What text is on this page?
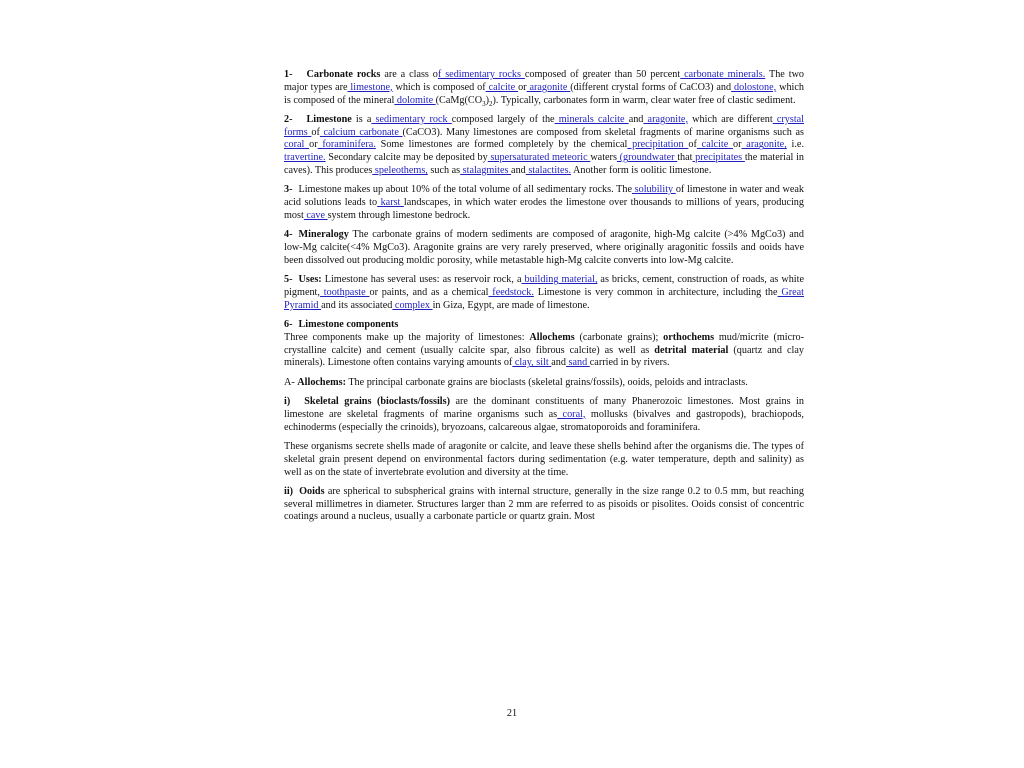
1- Carbonate rocks are a class of sedimentary rocks composed of greater than 50 percent carbonate minerals. The two major types are limestone, which is composed of calcite or aragonite (different crystal forms of CaCO3) and dolostone, which is composed of the mineral dolomite $(CaMg(CO_3)_2)$. Typically, carbonates form in warm, clear water free of clastic sediment.

2- Limestone is a sedimentary rock composed largely of the minerals calcite and aragonite, which are different crystal forms of calcium carbonate (CaCO3). Many limestones are composed from skeletal fragments of marine organisms such as coral or foraminifera. Some limestones are formed completely by the chemical precipitation of calcite or aragonite, i.e. travertine. Secondary calcite may be deposited by supersaturated meteoric waters (groundwater that precipitates the material in caves). This produces speleothems, such as stalagmites and stalactites. Another form is oolitic limestone.

3- Limestone makes up about 10% of the total volume of all sedimentary rocks. The solubility of limestone in water and weak acid solutions leads to karst landscapes, in which water erodes the limestone over thousands to millions of years, producing most cave system through limestone bedrock.

4- Mineralogy The carbonate grains of modern sediments are composed of aragonite, high-Mg calcite (>4% MgCo3) and low-Mg calcite(<4% MgCo3). Aragonite grains are very rarely preserved, where originally aragonitic fossils and ooids have been dissolved out producing moldic porosity, while metastable high-Mg calcite converts into low-Mg calcite.

5- Uses: Limestone has several uses: as reservoir rock, a building material, as bricks, cement, construction of roads, as white pigment, toothpaste or paints, and as a chemical feedstock. Limestone is very common in architecture, including the Great Pyramid and its associated complex in Giza, Egypt, are made of limestone.

6- Limestone components
Three components make up the majority of limestones: Allochems (carbonate grains); orthochems mud/micrite (micro-crystalline calcite) and cement (usually calcite spar, also fibrous calcite) as well as detrital material (quartz and clay minerals). Limestone often contains varying amounts of clay, silt and sand carried in by rivers.

A- Allochems: The principal carbonate grains are bioclasts (skeletal grains/fossils), ooids, peloids and intraclasts.

i) Skeletal grains (bioclasts/fossils) are the dominant constituents of many Phanerozoic limestones. Most grains in limestone are skeletal fragments of marine organisms such as coral, mollusks (bivalves and gastropods), brachiopods, echinoderms (especially the crinoids), bryozoans, calcareous algae, stromatoporoids and foraminifera.

These organisms secrete shells made of aragonite or calcite, and leave these shells behind after the organisms die. The types of skeletal grain present depend on environmental factors during sedimentation (e.g. water temperature, depth and salinity) as well as on the state of invertebrate evolution and diversity at the time.

ii) Ooids are spherical to subspherical grains with internal structure, generally in the size range 0.2 to 0.5 mm, but reaching several millimetres in diameter. Structures larger than 2 mm are referred to as pisoids or pisolites. Ooids consist of concentric coatings around a nucleus, usually a carbonate particle or quartz grain. Most

21
